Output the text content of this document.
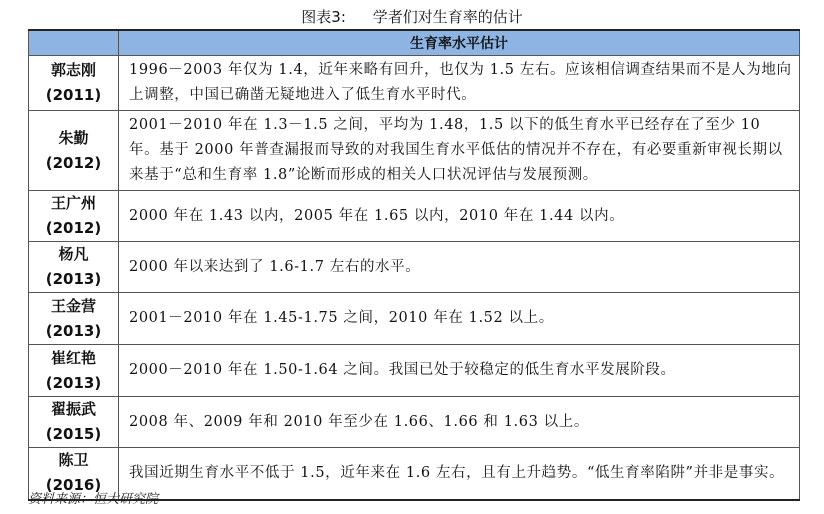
图表3: 学者们对生育率的估计
	生育率水平估计
郭志刚
(2011)	1996－2003 年仅为 1.4，近年来略有回升，也仅为 1.5 左右。应该相信调查结果而不是人为地向上调整，中国已确凿无疑地进入了低生育水平时代。
朱勤
(2012)	2001－2010 年在 1.3－1.5 之间，平均为 1.48，1.5 以下的低生育水平已经存在了至少 10 年。基于 2000 年普查漏报而导致的对我国生育水平低估的情况并不存在，有必要重新审视长期以来基于“总和生育率 1.8”论断而形成的相关人口状况评估与发展预测。
王广州
(2012)	2000 年在 1.43 以内，2005 年在 1.65 以内，2010 年在 1.44 以内。
杨凡
(2013)	2000 年以来达到了 1.6-1.7 左右的水平。
王金营
(2013)	2001－2010 年在 1.45-1.75 之间，2010 年在 1.52 以上。
崔红艳
(2013)	2000－2010 年在 1.50-1.64 之间。我国已处于较稳定的低生育水平发展阶段。
翟振武
(2015)	2008 年、2009 年和 2010 年至少在 1.66、1.66 和 1.63 以上。
陈卫
(2016)	我国近期生育水平不低于 1.5，近年来在 1.6 左右，且有上升趋势。“低生育率陷阱”并非是事实。
资料来源：恒大研究院
